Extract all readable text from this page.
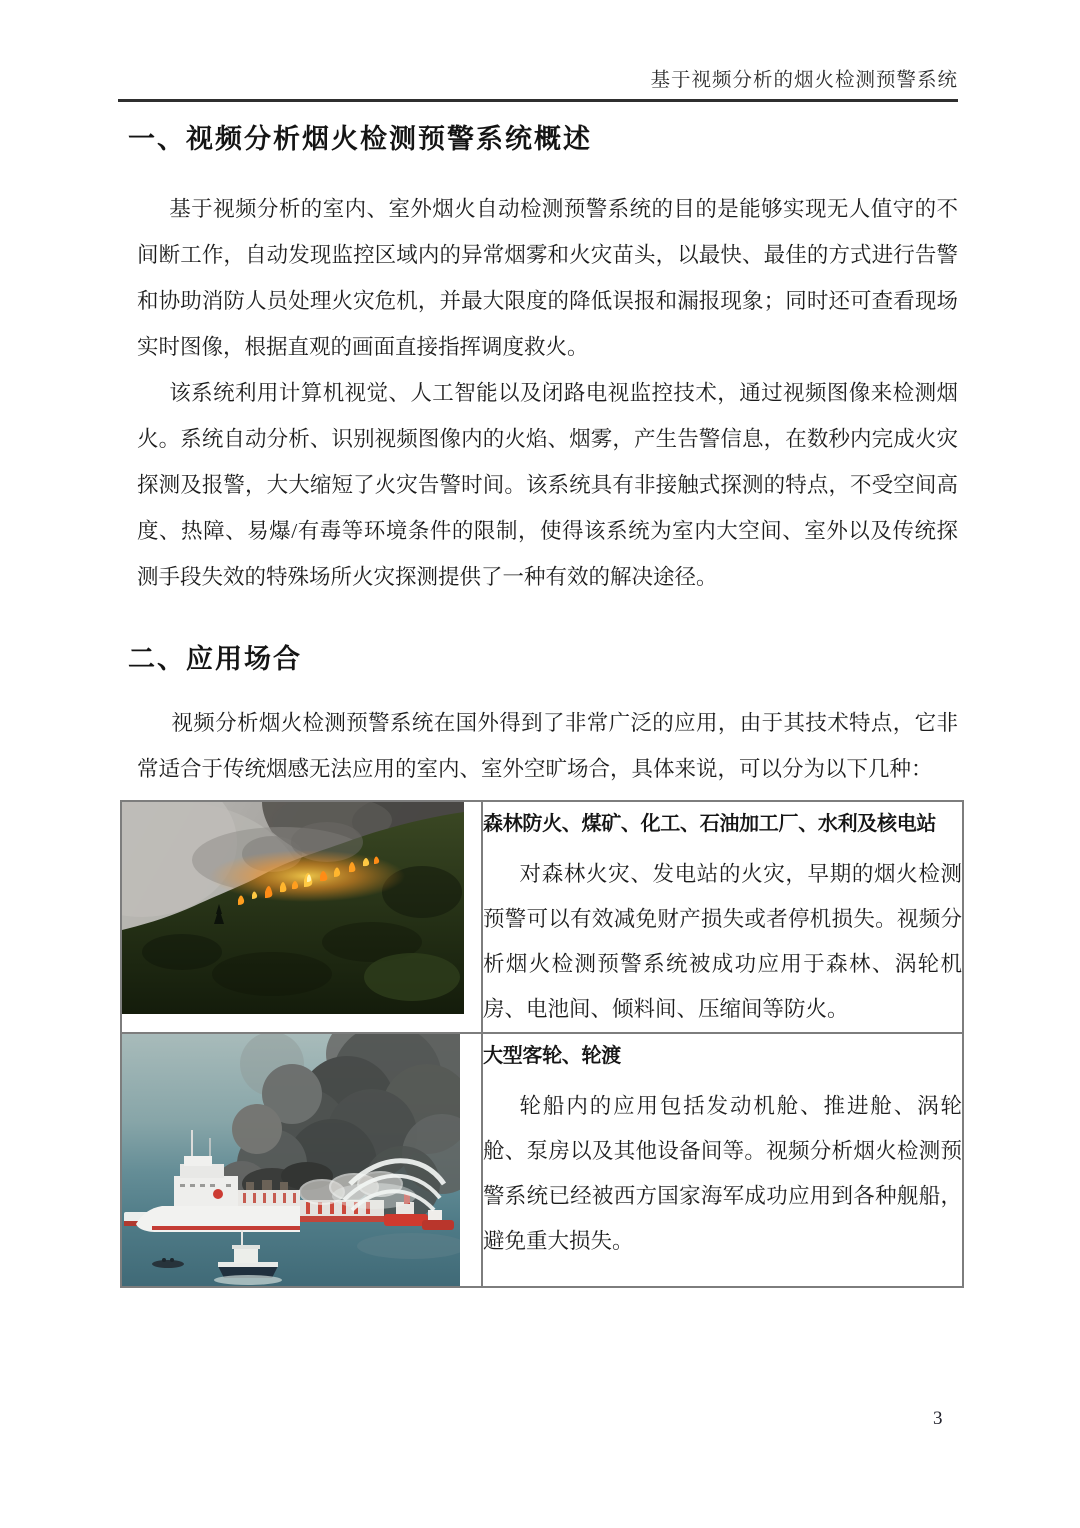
基于视频分析的烟火检测预警系统
一、视频分析烟火检测预警系统概述

基于视频分析的室内、室外烟火自动检测预警系统的目的是能够实现无人值守的不间断工作，自动发现监控区域内的异常烟雾和火灾苗头，以最快、最佳的方式进行告警和协助消防人员处理火灾危机，并最大限度的降低误报和漏报现象；同时还可查看现场实时图像，根据直观的画面直接指挥调度救火。

该系统利用计算机视觉、人工智能以及闭路电视监控技术，通过视频图像来检测烟火。系统自动分析、识别视频图像内的火焰、烟雾，产生告警信息，在数秒内完成火灾探测及报警，大大缩短了火灾告警时间。该系统具有非接触式探测的特点，不受空间高度、热障、易爆/有毒等环境条件的限制，使得该系统为室内大空间、室外以及传统探测手段失效的特殊场所火灾探测提供了一种有效的解决途径。

二、应用场合

视频分析烟火检测预警系统在国外得到了非常广泛的应用，由于其技术特点，它非常适合于传统烟感无法应用的室内、室外空旷场合，具体来说，可以分为以下几种：

森林防火、煤矿、化工、石油加工厂、水利及核电站
对森林火灾、发电站的火灾，早期的烟火检测预警可以有效减免财产损失或者停机损失。视频分析烟火检测预警系统被成功应用于森林、涡轮机房、电池间、倾料间、压缩间等防火。

大型客轮、轮渡
轮船内的应用包括发动机舱、推进舱、涡轮舱、泵房以及其他设备间等。视频分析烟火检测预警系统已经被西方国家海军成功应用到各种舰船，避免重大损失。
3
